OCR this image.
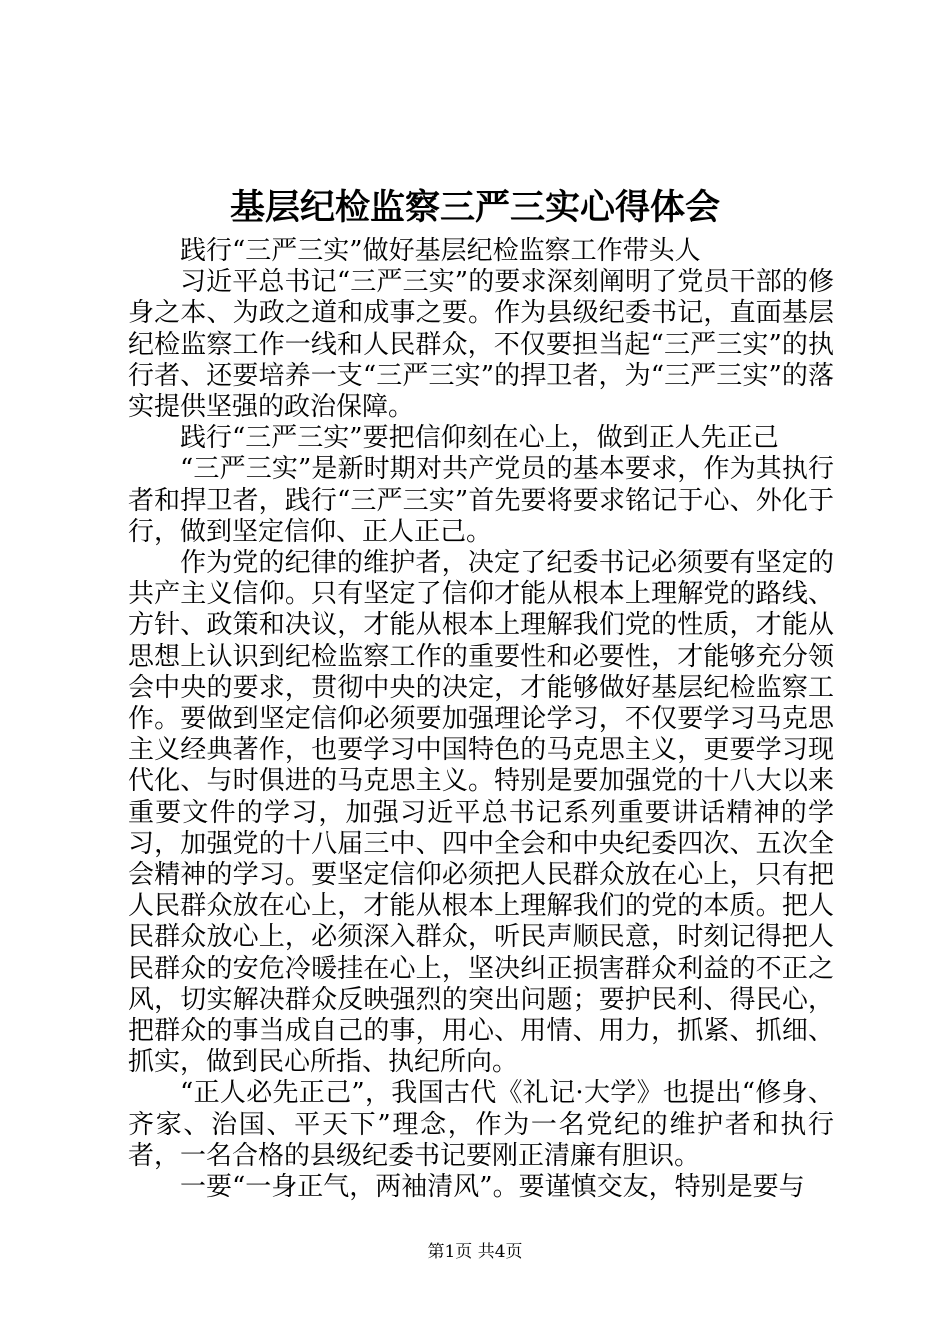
基层纪检监察三严三实心得体会

践行“三严三实”做好基层纪检监察工作带头人

习近平总书记“三严三实”的要求深刻阐明了党员干部的修身之本、为政之道和成事之要。作为县级纪委书记，直面基层纪检监察工作一线和人民群众，不仅要担当起“三严三实”的执行者、还要培养一支“三严三实”的捍卫者，为“三严三实”的落实提供坚强的政治保障。

践行“三严三实”要把信仰刻在心上，做到正人先正己

“三严三实”是新时期对共产党员的基本要求，作为其执行者和捍卫者，践行“三严三实”首先要将要求铭记于心、外化于行，做到坚定信仰、正人正己。

作为党的纪律的维护者，决定了纪委书记必须要有坚定的共产主义信仰。只有坚定了信仰才能从根本上理解党的路线、方针、政策和决议，才能从根本上理解我们党的性质，才能从思想上认识到纪检监察工作的重要性和必要性，才能够充分领会中央的要求，贯彻中央的决定，才能够做好基层纪检监察工作。要做到坚定信仰必须要加强理论学习，不仅要学习马克思主义经典著作，也要学习中国特色的马克思主义，更要学习现代化、与时俱进的马克思主义。特别是要加强党的十八大以来重要文件的学习，加强习近平总书记系列重要讲话精神的学习，加强党的十八届三中、四中全会和中央纪委四次、五次全会精神的学习。要坚定信仰必须把人民群众放在心上，只有把人民群众放在心上，才能从根本上理解我们的党的本质。把人民群众放心上，必须深入群众，听民声顺民意，时刻记得把人民群众的安危冷暖挂在心上，坚决纠正损害群众利益的不正之风，切实解决群众反映强烈的突出问题；要护民利、得民心，把群众的事当成自己的事，用心、用情、用力，抓紧、抓细、抓实，做到民心所指、执纪所向。

“正人必先正己”，我国古代《礼记·大学》也提出“修身、齐家、治国、平天下”理念，作为一名党纪的维护者和执行者，一名合格的县级纪委书记要刚正清廉有胆识。

一要“一身正气，两袖清风”。要谨慎交友，特别是要与

第1页 共4页
